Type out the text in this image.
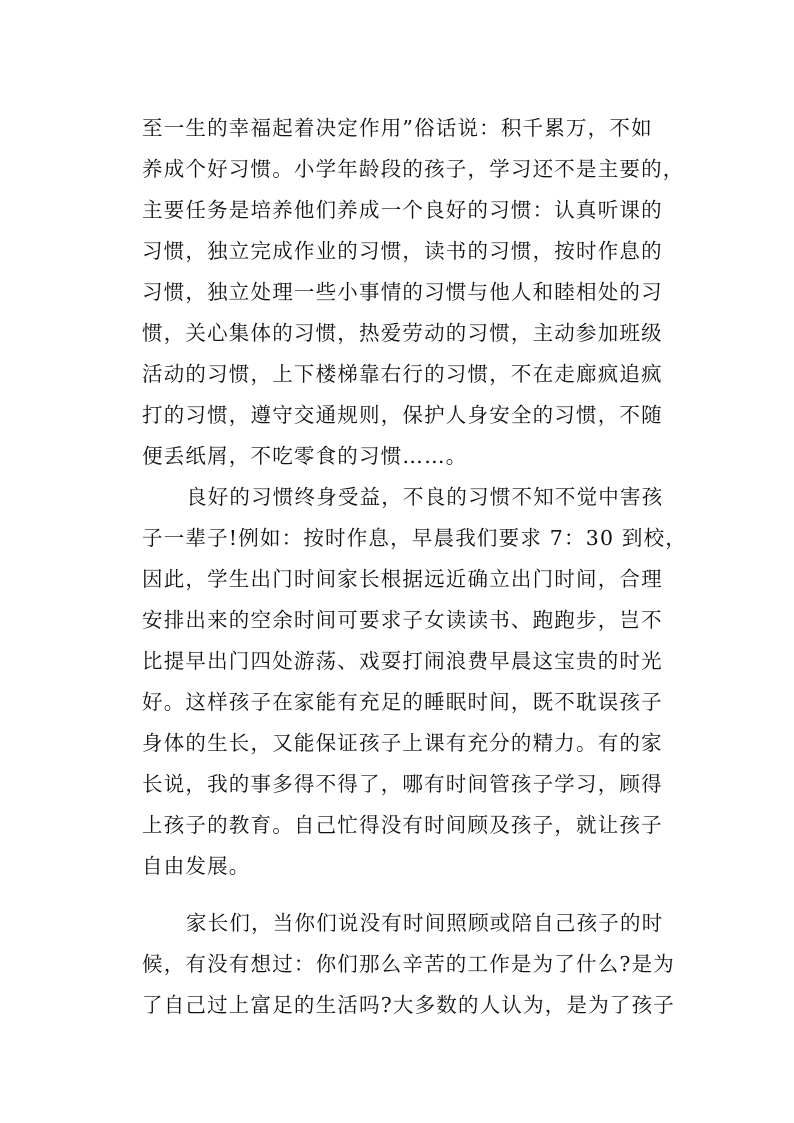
至一生的幸福起着决定作用”俗话说：积千累万，不如
养成个好习惯。小学年龄段的孩子，学习还不是主要的，
主要任务是培养他们养成一个良好的习惯：认真听课的
习惯，独立完成作业的习惯，读书的习惯，按时作息的
习惯，独立处理一些小事情的习惯与他人和睦相处的习
惯，关心集体的习惯，热爱劳动的习惯，主动参加班级
活动的习惯，上下楼梯靠右行的习惯，不在走廊疯追疯
打的习惯，遵守交通规则，保护人身安全的习惯，不随
便丢纸屑，不吃零食的习惯……。
良好的习惯终身受益，不良的习惯不知不觉中害孩
子一辈子!例如：按时作息，早晨我们要求 7：30 到校，
因此，学生出门时间家长根据远近确立出门时间，合理
安排出来的空余时间可要求子女读读书、跑跑步，岂不
比提早出门四处游荡、戏耍打闹浪费早晨这宝贵的时光
好。这样孩子在家能有充足的睡眠时间，既不耽误孩子
身体的生长，又能保证孩子上课有充分的精力。有的家
长说，我的事多得不得了，哪有时间管孩子学习，顾得
上孩子的教育。自己忙得没有时间顾及孩子，就让孩子
自由发展。
家长们，当你们说没有时间照顾或陪自己孩子的时
候，有没有想过：你们那么辛苦的工作是为了什么?是为
了自己过上富足的生活吗?大多数的人认为，是为了孩子
